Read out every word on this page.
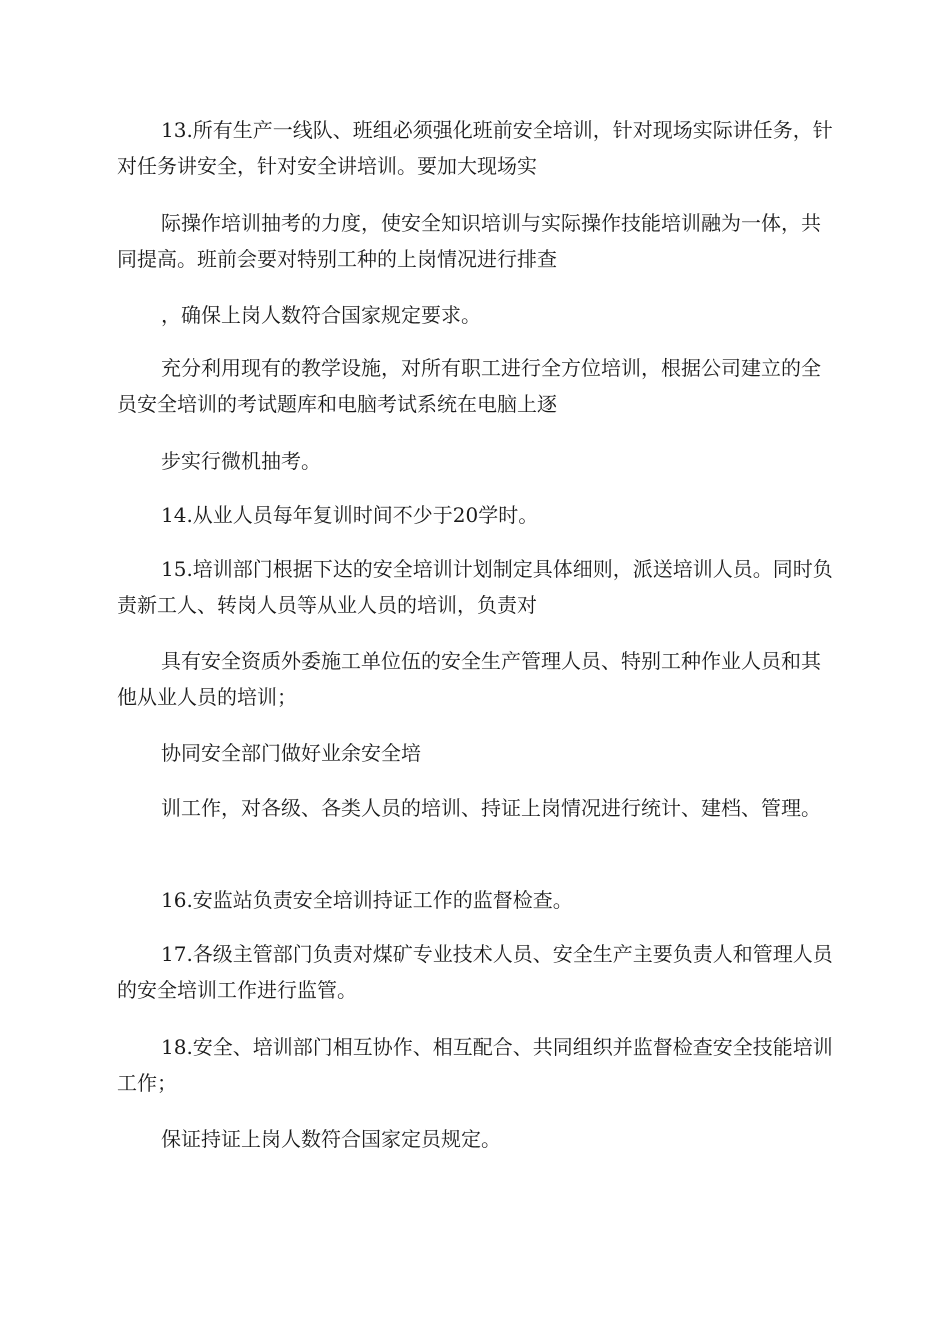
13.所有生产一线队、班组必须强化班前安全培训，针对现场实际讲任务，针对任务讲安全，针对安全讲培训。要加大现场实

际操作培训抽考的力度，使安全知识培训与实际操作技能培训融为一体，共同提高。班前会要对特别工种的上岗情况进行排查

，确保上岗人数符合国家规定要求。

充分利用现有的教学设施，对所有职工进行全方位培训，根据公司建立的全员安全培训的考试题库和电脑考试系统在电脑上逐

步实行微机抽考。

14.从业人员每年复训时间不少于20学时。

15.培训部门根据下达的安全培训计划制定具体细则，派送培训人员。同时负责新工人、转岗人员等从业人员的培训，负责对

具有安全资质外委施工单位伍的安全生产管理人员、特别工种作业人员和其他从业人员的培训；

协同安全部门做好业余安全培

训工作，对各级、各类人员的培训、持证上岗情况进行统计、建档、管理。

16.安监站负责安全培训持证工作的监督检查。

17.各级主管部门负责对煤矿专业技术人员、安全生产主要负责人和管理人员的安全培训工作进行监管。

18.安全、培训部门相互协作、相互配合、共同组织并监督检查安全技能培训工作；

保证持证上岗人数符合国家定员规定。
